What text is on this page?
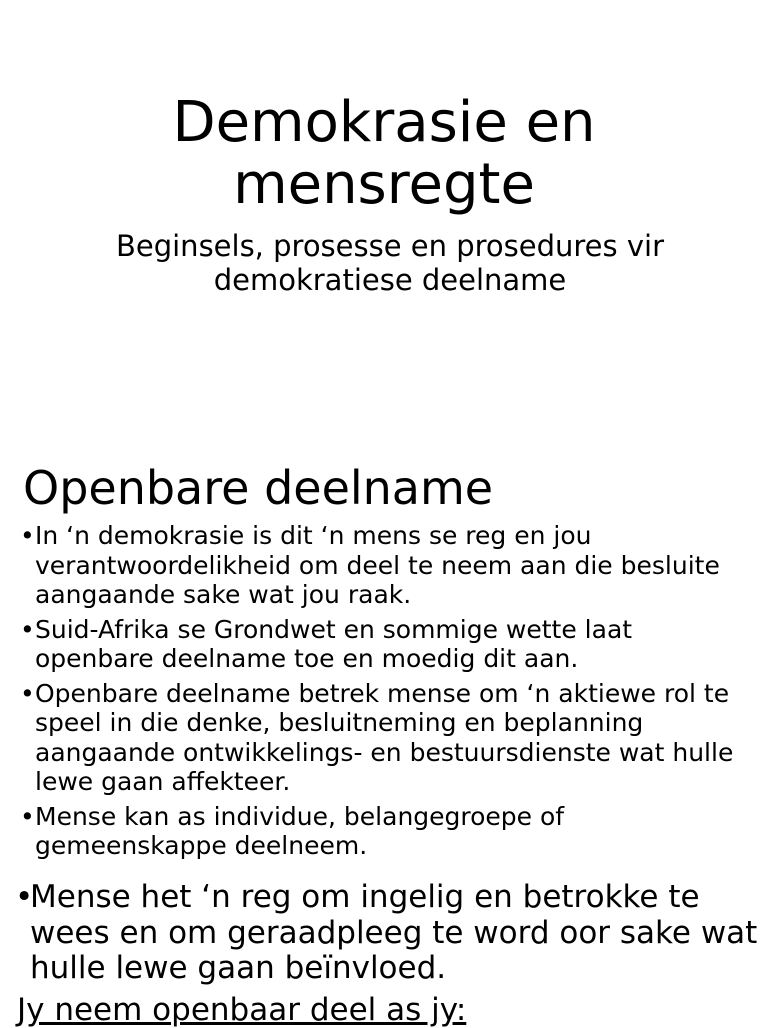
Demokrasie en
mensregte
Beginsels, prosesse en prosedures vir
demokratiese deelname
Openbare deelname
• In ‘n demokrasie is dit ‘n mens se reg en jou verantwoordelikheid om deel te neem aan die besluite aangaande sake wat jou raak.
• Suid-Afrika se Grondwet en sommige wette laat openbare deelname toe en moedig dit aan.
• Openbare deelname betrek mense om ‘n aktiewe rol te speel in die denke, besluitneming en beplanning aangaande ontwikkelings- en bestuursdienste wat hulle lewe gaan affekteer.
• Mense kan as individue, belangegroepe of gemeenskappe deelneem.

•
Mense het ‘n reg om ingelig en betrokke te wees en om geraadpleeg te word oor sake wat hulle lewe gaan beïnvloed.

Jy neem openbaar deel as jy:
